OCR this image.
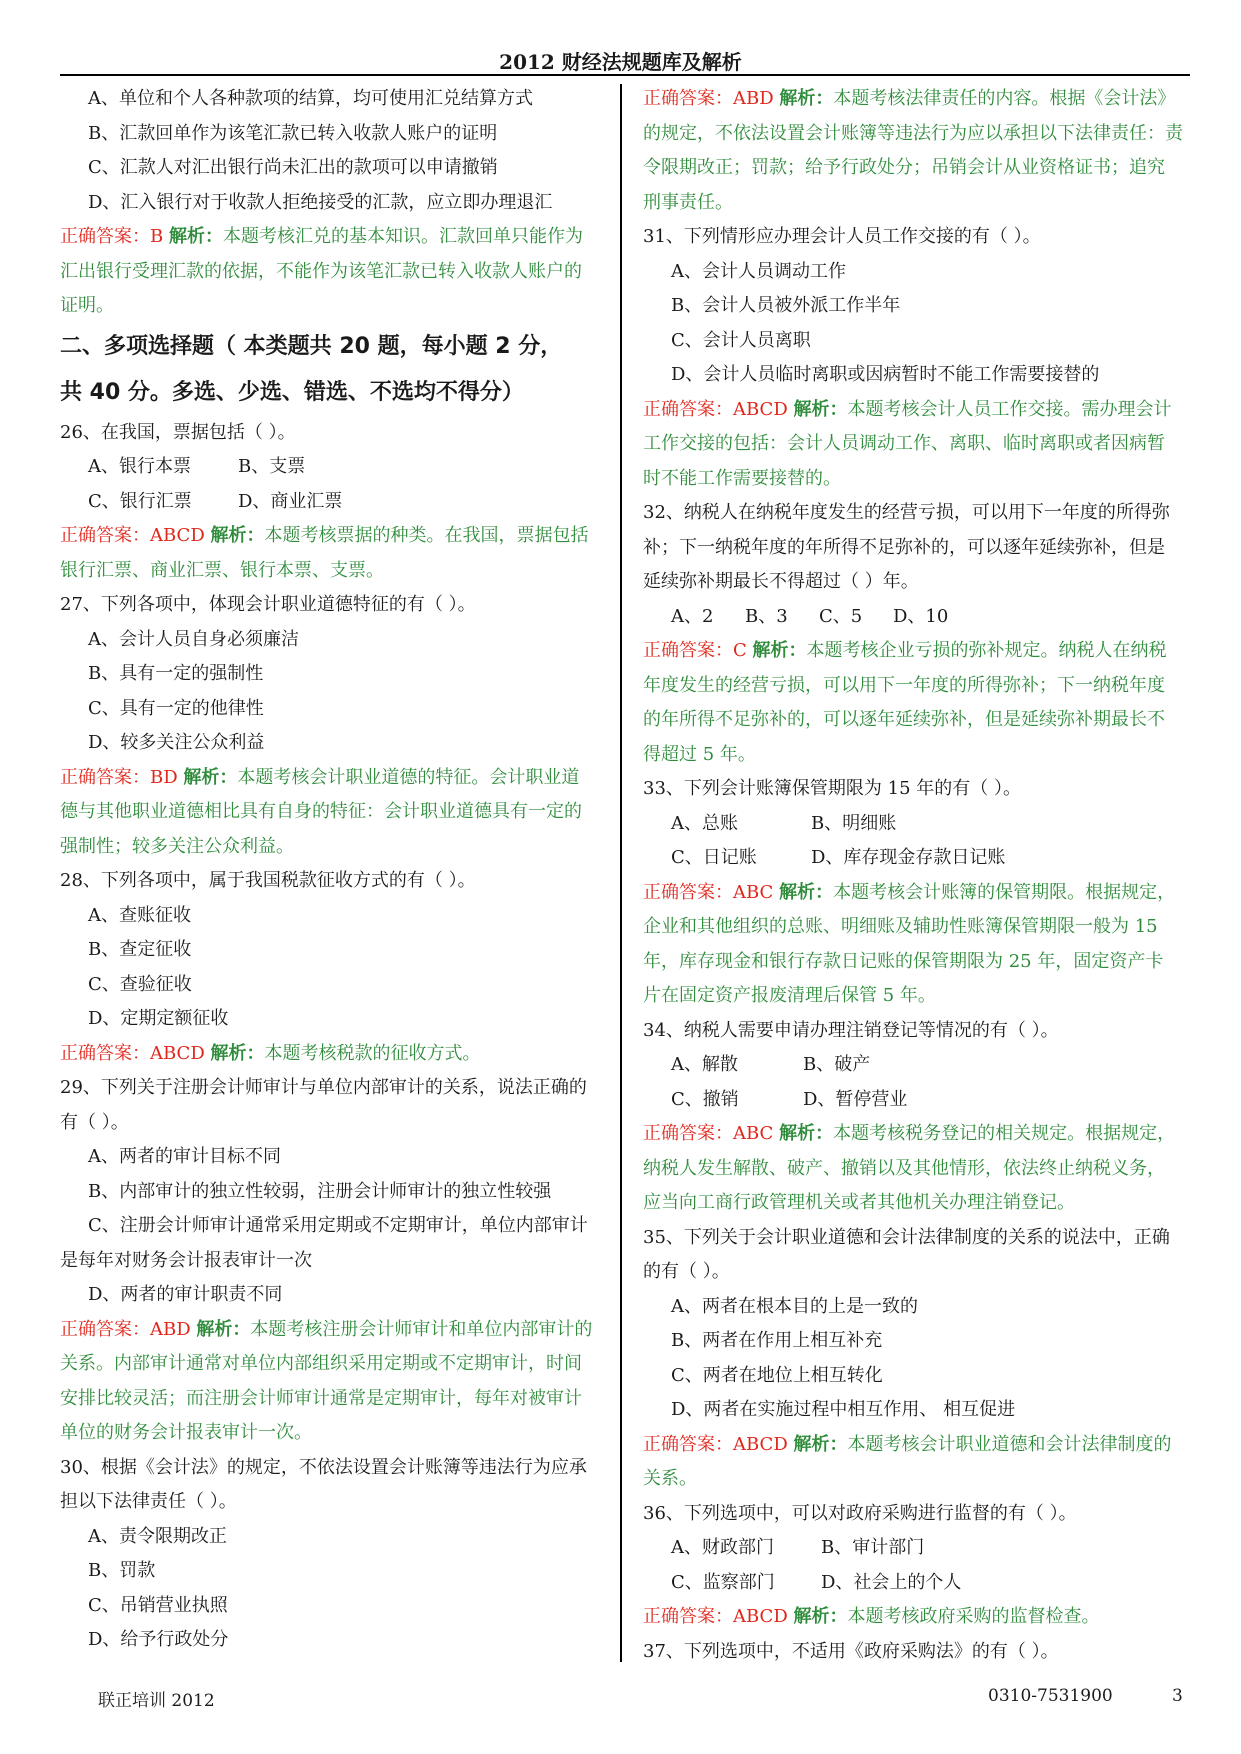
2012 财经法规题库及解析
A、单位和个人各种款项的结算，均可使用汇兑结算方式
B、汇款回单作为该笔汇款已转入收款人账户的证明
C、汇款人对汇出银行尚未汇出的款项可以申请撤销
D、汇入银行对于收款人拒绝接受的汇款，应立即办理退汇
正确答案：B 解析：本题考核汇兑的基本知识。汇款回单只能作为
汇出银行受理汇款的依据，不能作为该笔汇款已转入收款人账户的
证明。
二、多项选择题（ 本类题共 20 题，每小题 2 分，
共 40 分。多选、少选、错选、不选均不得分）
26、在我国，票据包括（ ）。
A、银行本票	B、支票
C、银行汇票	D、商业汇票
正确答案：ABCD 解析：本题考核票据的种类。在我国，票据包括
银行汇票、商业汇票、银行本票、支票。
27、下列各项中，体现会计职业道德特征的有（ ）。
A、会计人员自身必须廉洁
B、具有一定的强制性
C、具有一定的他律性
D、较多关注公众利益
正确答案：BD 解析：本题考核会计职业道德的特征。会计职业道
德与其他职业道德相比具有自身的特征：会计职业道德具有一定的
强制性；较多关注公众利益。
28、下列各项中，属于我国税款征收方式的有（ ）。
A、查账征收
B、查定征收
C、查验征收
D、定期定额征收
正确答案：ABCD 解析：本题考核税款的征收方式。
29、下列关于注册会计师审计与单位内部审计的关系，说法正确的
有（ ）。
A、两者的审计目标不同
B、内部审计的独立性较弱，注册会计师审计的独立性较强
C、注册会计师审计通常采用定期或不定期审计，单位内部审计
是每年对财务会计报表审计一次
D、两者的审计职责不同
正确答案：ABD 解析：本题考核注册会计师审计和单位内部审计的
关系。内部审计通常对单位内部组织采用定期或不定期审计，时间
安排比较灵活；而注册会计师审计通常是定期审计，每年对被审计
单位的财务会计报表审计一次。
30、根据《会计法》的规定，不依法设置会计账簿等违法行为应承
担以下法律责任（ ）。
A、责令限期改正
B、罚款
C、吊销营业执照
D、给予行政处分
正确答案：ABD 解析：本题考核法律责任的内容。根据《会计法》
的规定，不依法设置会计账簿等违法行为应以承担以下法律责任：责
令限期改正；罚款；给予行政处分；吊销会计从业资格证书；追究
刑事责任。
31、下列情形应办理会计人员工作交接的有（ ）。
A、会计人员调动工作
B、会计人员被外派工作半年
C、会计人员离职
D、会计人员临时离职或因病暂时不能工作需要接替的
正确答案：ABCD 解析：本题考核会计人员工作交接。需办理会计
工作交接的包括：会计人员调动工作、离职、临时离职或者因病暂
时不能工作需要接替的。
32、纳税人在纳税年度发生的经营亏损，可以用下一年度的所得弥
补；下一纳税年度的年所得不足弥补的，可以逐年延续弥补，但是
延续弥补期最长不得超过（ ）年。
A、2 B、3 C、5 D、10
正确答案：C 解析：本题考核企业亏损的弥补规定。纳税人在纳税
年度发生的经营亏损，可以用下一年度的所得弥补；下一纳税年度
的年所得不足弥补的，可以逐年延续弥补，但是延续弥补期最长不
得超过 5 年。
33、下列会计账簿保管期限为 15 年的有（ ）。
A、总账	B、明细账
C、日记账	D、库存现金存款日记账
正确答案：ABC 解析：本题考核会计账簿的保管期限。根据规定，
企业和其他组织的总账、明细账及辅助性账簿保管期限一般为 15
年，库存现金和银行存款日记账的保管期限为 25 年，固定资产卡
片在固定资产报废清理后保管 5 年。
34、纳税人需要申请办理注销登记等情况的有（ ）。
A、解散	B、破产
C、撤销	D、暂停营业
正确答案：ABC 解析：本题考核税务登记的相关规定。根据规定，
纳税人发生解散、破产、撤销以及其他情形，依法终止纳税义务，
应当向工商行政管理机关或者其他机关办理注销登记。
35、下列关于会计职业道德和会计法律制度的关系的说法中，正确
的有（ ）。
A、两者在根本目的上是一致的
B、两者在作用上相互补充
C、两者在地位上相互转化
D、两者在实施过程中相互作用、 相互促进
正确答案：ABCD 解析：本题考核会计职业道德和会计法律制度的
关系。
36、下列选项中，可以对政府采购进行监督的有（ ）。
A、财政部门	B、审计部门
C、监察部门	D、社会上的个人
正确答案：ABCD 解析：本题考核政府采购的监督检查。
37、下列选项中，不适用《政府采购法》的有（ ）。
联正培训 2012	0310-7531900	3
